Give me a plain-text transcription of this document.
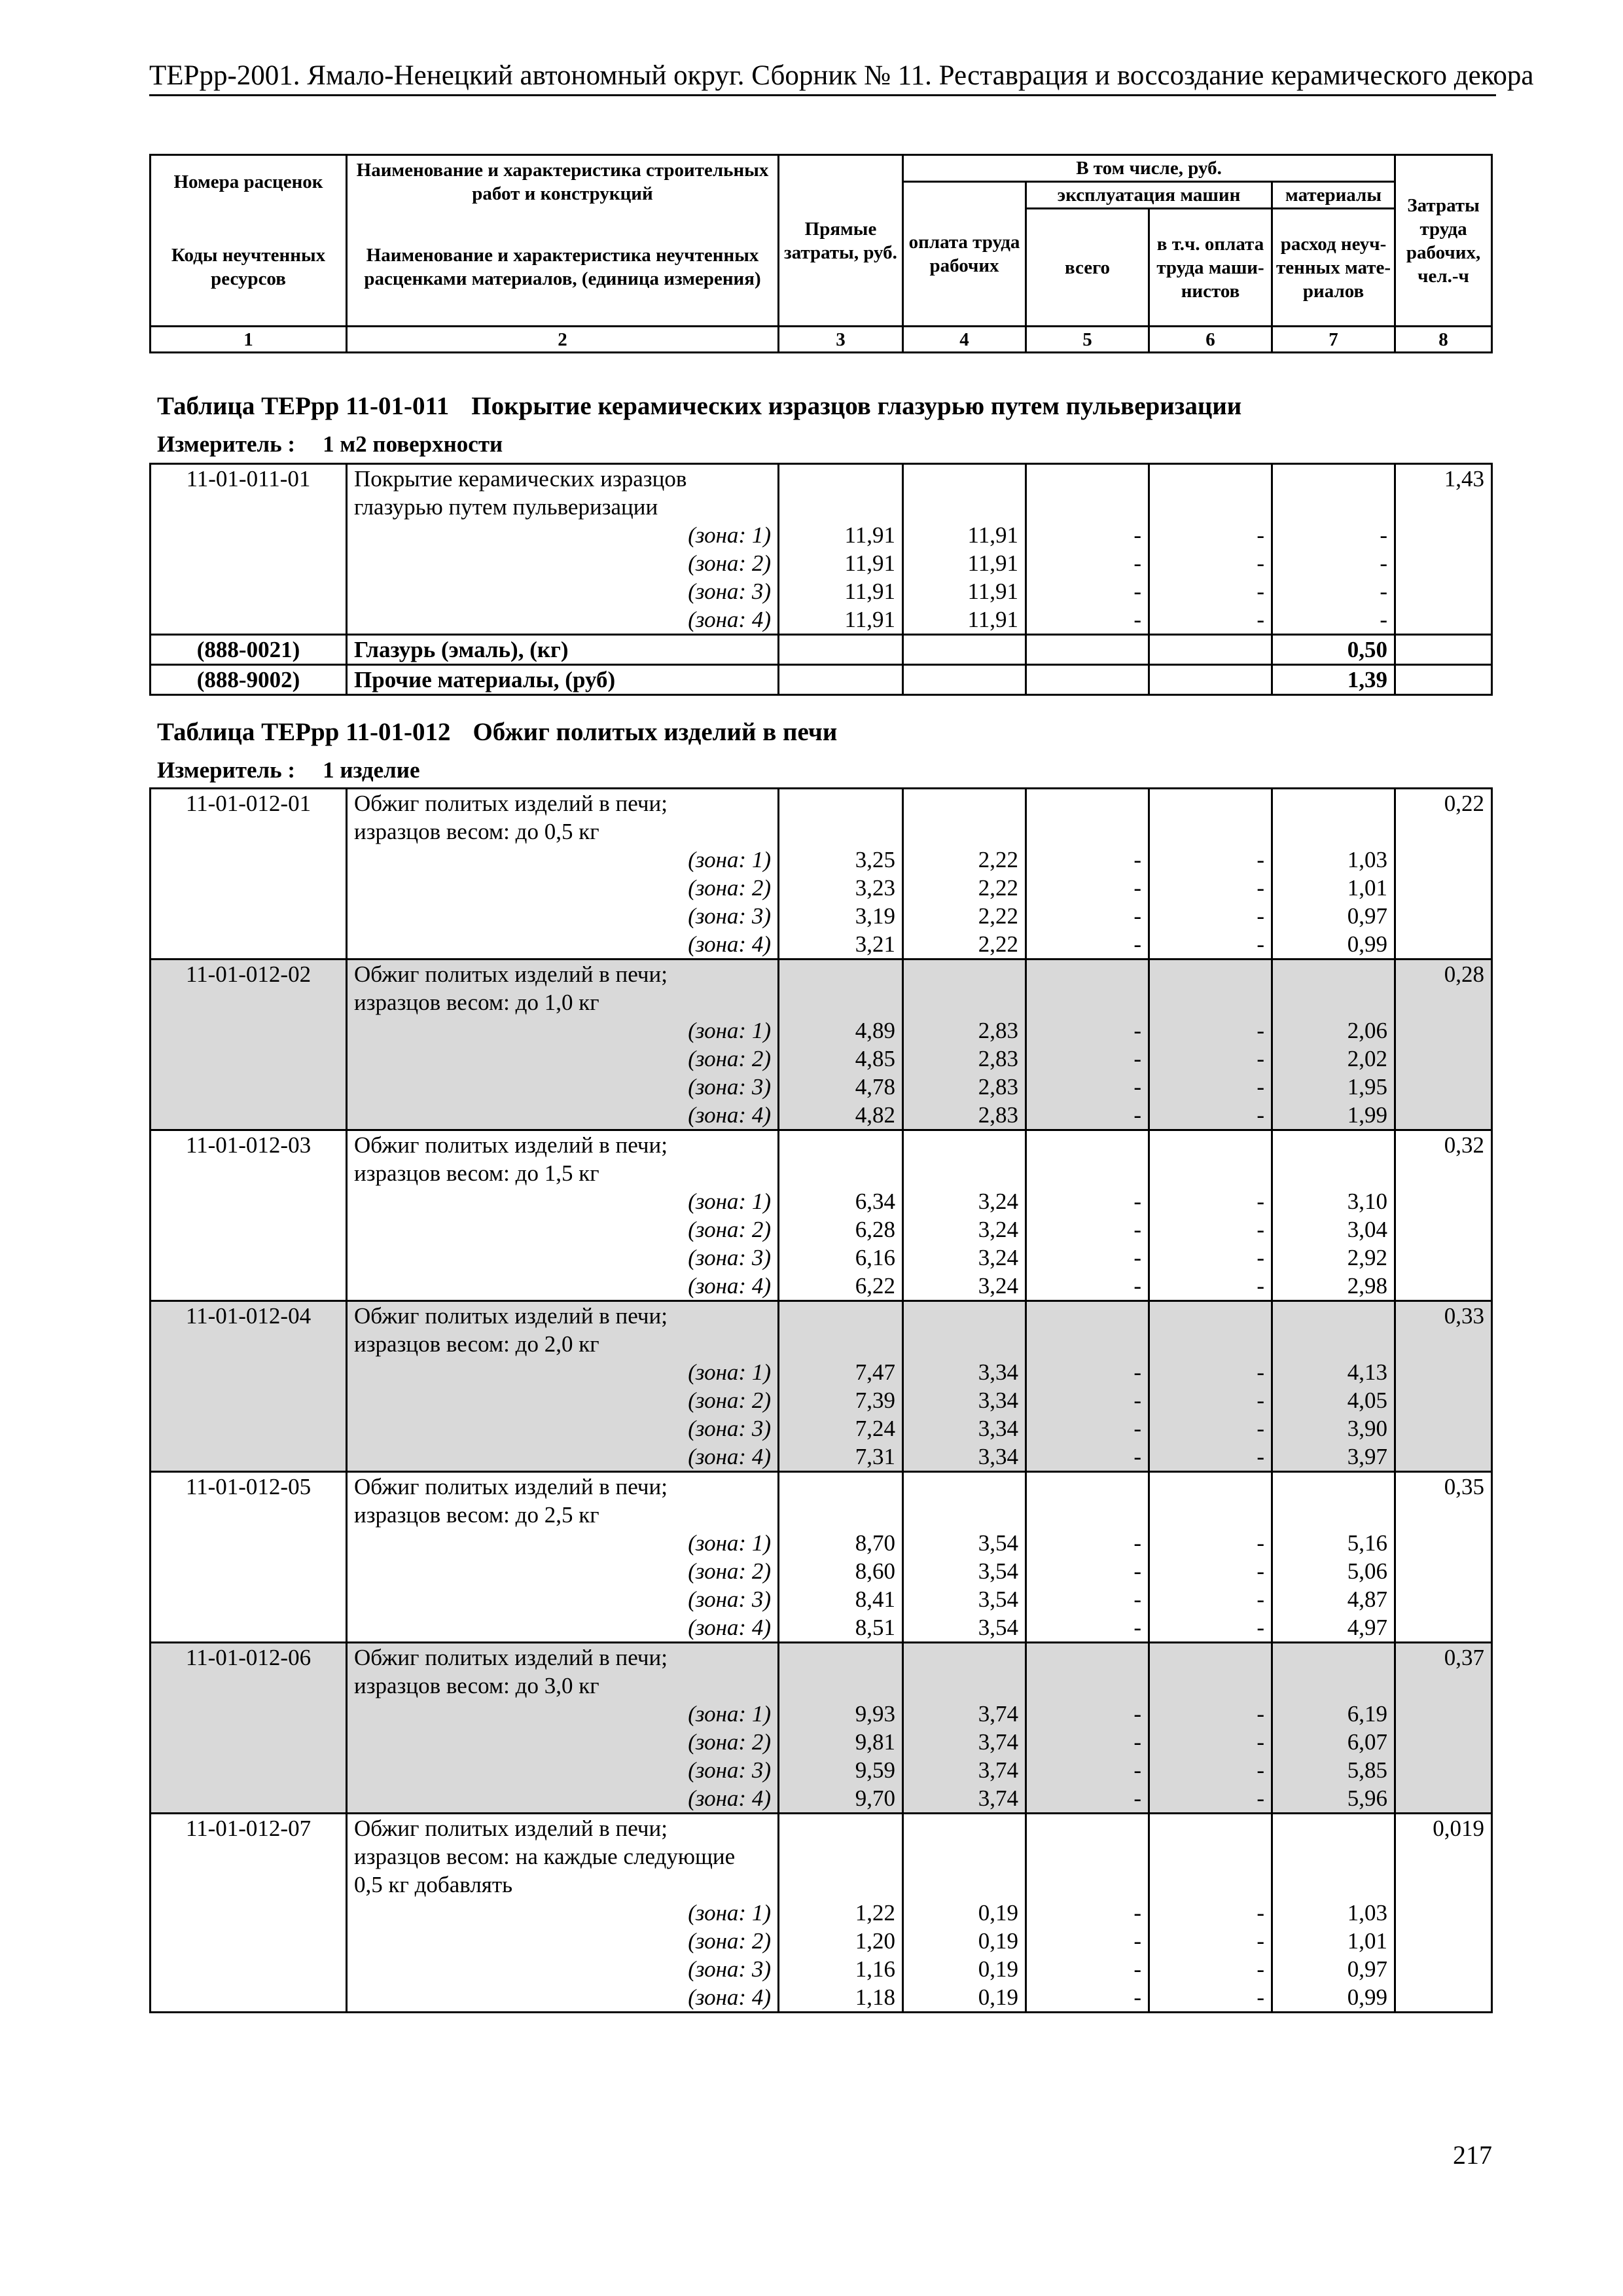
ТЕРрр-2001. Ямало-Ненецкий автономный округ. Сборник № 11. Реставрация и воссоздание керамического декора
Номера расценок	Наименование и характеристика строительных работ и конструкций	Прямые затраты, руб.	В том числе, руб.				Затраты труда рабочих, чел.-ч
			оплата труда рабочих	эксплуатация машин		материалы	
Коды неучтенных ресурсов	Наименование и характеристика неучтенных расценками материалов, (единица измерения)			всего	в т.ч. оплата труда маши-нистов	расход неуч-тенных мате-риалов	

1	2	3	4	5	6	7	8
Таблица ТЕРрр 11-01-011 Покрытие керамических изразцов глазурью путем пульверизации
Измеритель : 1 м2 поверхности
11-01-011-01	Покрытие керамических изразцов						1,43
	глазурью путем пульверизации						
	(зона: 1)	11,91	11,91	-	-	-	
	(зона: 2)	11,91	11,91	-	-	-	
	(зона: 3)	11,91	11,91	-	-	-	
	(зона: 4)	11,91	11,91	-	-	-	
(888-0021)	Глазурь (эмаль), (кг)					0,50	
(888-9002)	Прочие материалы, (руб)					1,39	
Таблица ТЕРрр 11-01-012 Обжиг политых изделий в печи
Измеритель : 1 изделие
11-01-012-01	Обжиг политых изделий в печи;						0,22
	изразцов весом: до 0,5 кг						
	(зона: 1)	3,25	2,22	-	-	1,03	
	(зона: 2)	3,23	2,22	-	-	1,01	
	(зона: 3)	3,19	2,22	-	-	0,97	
	(зона: 4)	3,21	2,22	-	-	0,99	
11-01-012-02	Обжиг политых изделий в печи;						0,28
	изразцов весом: до 1,0 кг						
	(зона: 1)	4,89	2,83	-	-	2,06	
	(зона: 2)	4,85	2,83	-	-	2,02	
	(зона: 3)	4,78	2,83	-	-	1,95	
	(зона: 4)	4,82	2,83	-	-	1,99	
11-01-012-03	Обжиг политых изделий в печи;						0,32
	изразцов весом: до 1,5 кг						
	(зона: 1)	6,34	3,24	-	-	3,10	
	(зона: 2)	6,28	3,24	-	-	3,04	
	(зона: 3)	6,16	3,24	-	-	2,92	
	(зона: 4)	6,22	3,24	-	-	2,98	
11-01-012-04	Обжиг политых изделий в печи;						0,33
	изразцов весом: до 2,0 кг						
	(зона: 1)	7,47	3,34	-	-	4,13	
	(зона: 2)	7,39	3,34	-	-	4,05	
	(зона: 3)	7,24	3,34	-	-	3,90	
	(зона: 4)	7,31	3,34	-	-	3,97	
11-01-012-05	Обжиг политых изделий в печи;						0,35
	изразцов весом: до 2,5 кг						
	(зона: 1)	8,70	3,54	-	-	5,16	
	(зона: 2)	8,60	3,54	-	-	5,06	
	(зона: 3)	8,41	3,54	-	-	4,87	
	(зона: 4)	8,51	3,54	-	-	4,97	
11-01-012-06	Обжиг политых изделий в печи;						0,37
	изразцов весом: до 3,0 кг						
	(зона: 1)	9,93	3,74	-	-	6,19	
	(зона: 2)	9,81	3,74	-	-	6,07	
	(зона: 3)	9,59	3,74	-	-	5,85	
	(зона: 4)	9,70	3,74	-	-	5,96	
11-01-012-07	Обжиг политых изделий в печи;						0,019
	изразцов весом: на каждые следующие						
	0,5 кг добавлять						
	(зона: 1)	1,22	0,19	-	-	1,03	
	(зона: 2)	1,20	0,19	-	-	1,01	
	(зона: 3)	1,16	0,19	-	-	0,97	
	(зона: 4)	1,18	0,19	-	-	0,99	
217
